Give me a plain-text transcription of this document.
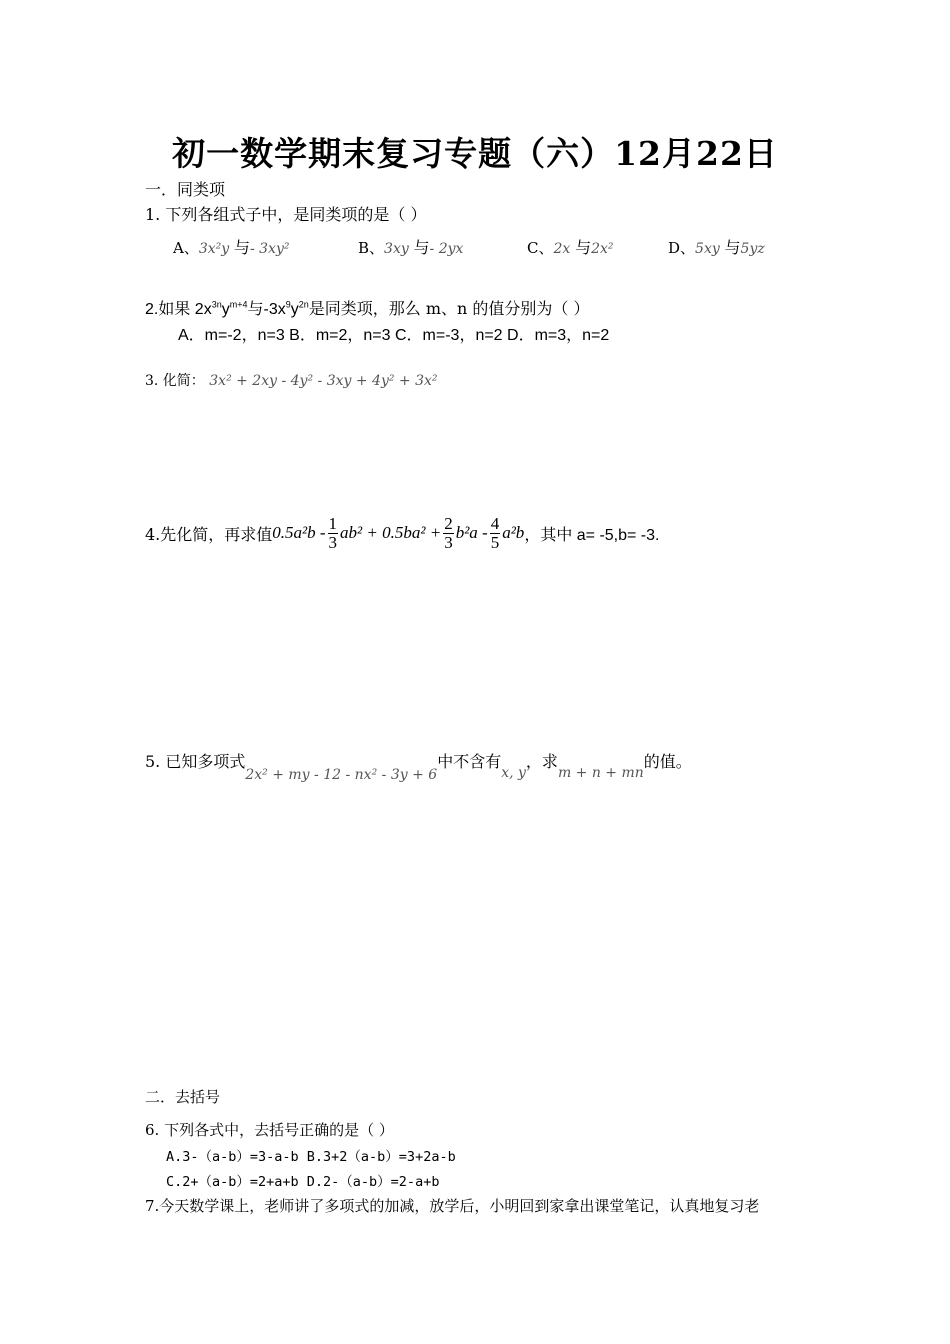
初一数学期末复习专题（六）12月22日
一．同类项
1. 下列各组式子中，是同类项的是（ ）
A、3x²y 与- 3xy²	B、3xy 与- 2yx	C、2x 与2x²	D、5xy 与5yz
2.如果 $2x^{3n}y^{m+4}$与$-3x^9y^{2n}$是同类项，那么 m、n 的值分别为（ ）
A．m=-2，n=3 B．m=2，n=3 C．m=-3，n=2 D．m=3，n=2
3. 化简： 3x² + 2xy - 4y² - 3xy + 4y² + 3x²
4.先化简，再求值 $0.5a^2b - \frac{1}{3} ab^2 + 0.5ba^2 + \frac{2}{3} b^2a - \frac{4}{5} a^2b$ ，其中 a= -5,b= -3.
5. 已知多项式2x² + my - 12 - nx² - 3y + 6中不含有x, y，求m + n + mn的值。
二．去括号
6. 下列各式中，去括号正确的是（ ）
A.3-（a-b）=3-a-b B.3+2（a-b）=3+2a-b
C.2+（a-b）=2+a+b D.2-（a-b）=2-a+b
7.今天数学课上，老师讲了多项式的加减，放学后，小明回到家拿出课堂笔记，认真地复习老
